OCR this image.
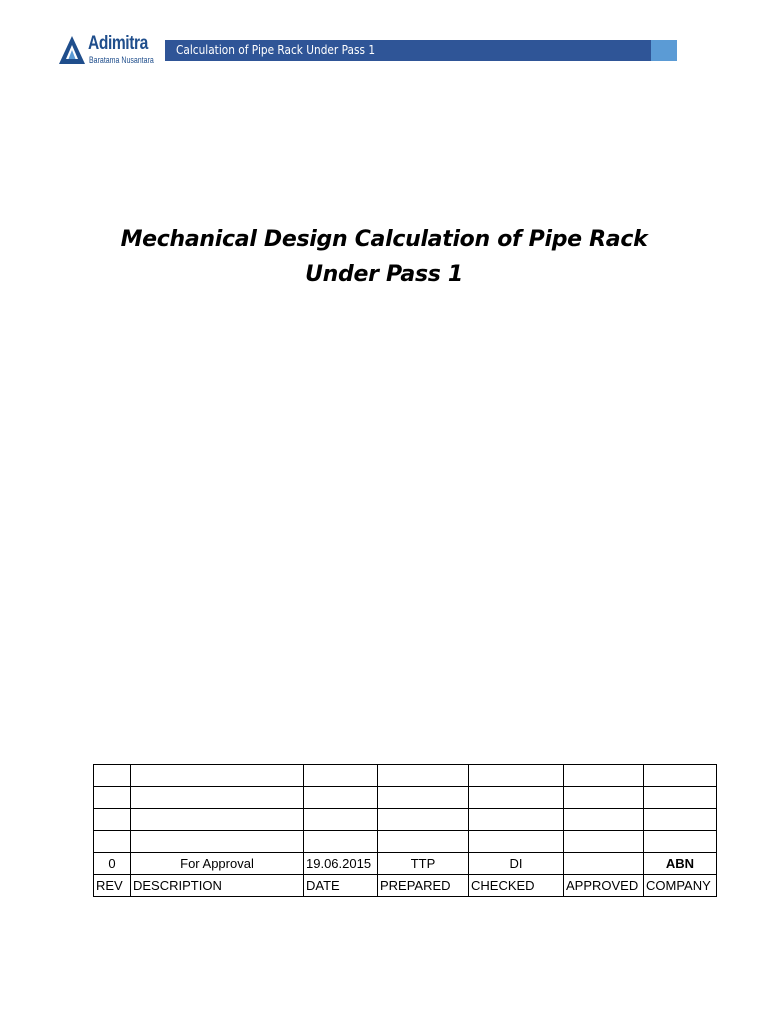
Adimitra
Baratama Nusantara
Calculation of Pipe Rack Under Pass 1
Mechanical Design Calculation of Pipe Rack
Under Pass 1

0	For Approval	19.06.2015	TTP	DI		ABN
REV	DESCRIPTION	DATE	PREPARED	CHECKED	APPROVED	COMPANY
